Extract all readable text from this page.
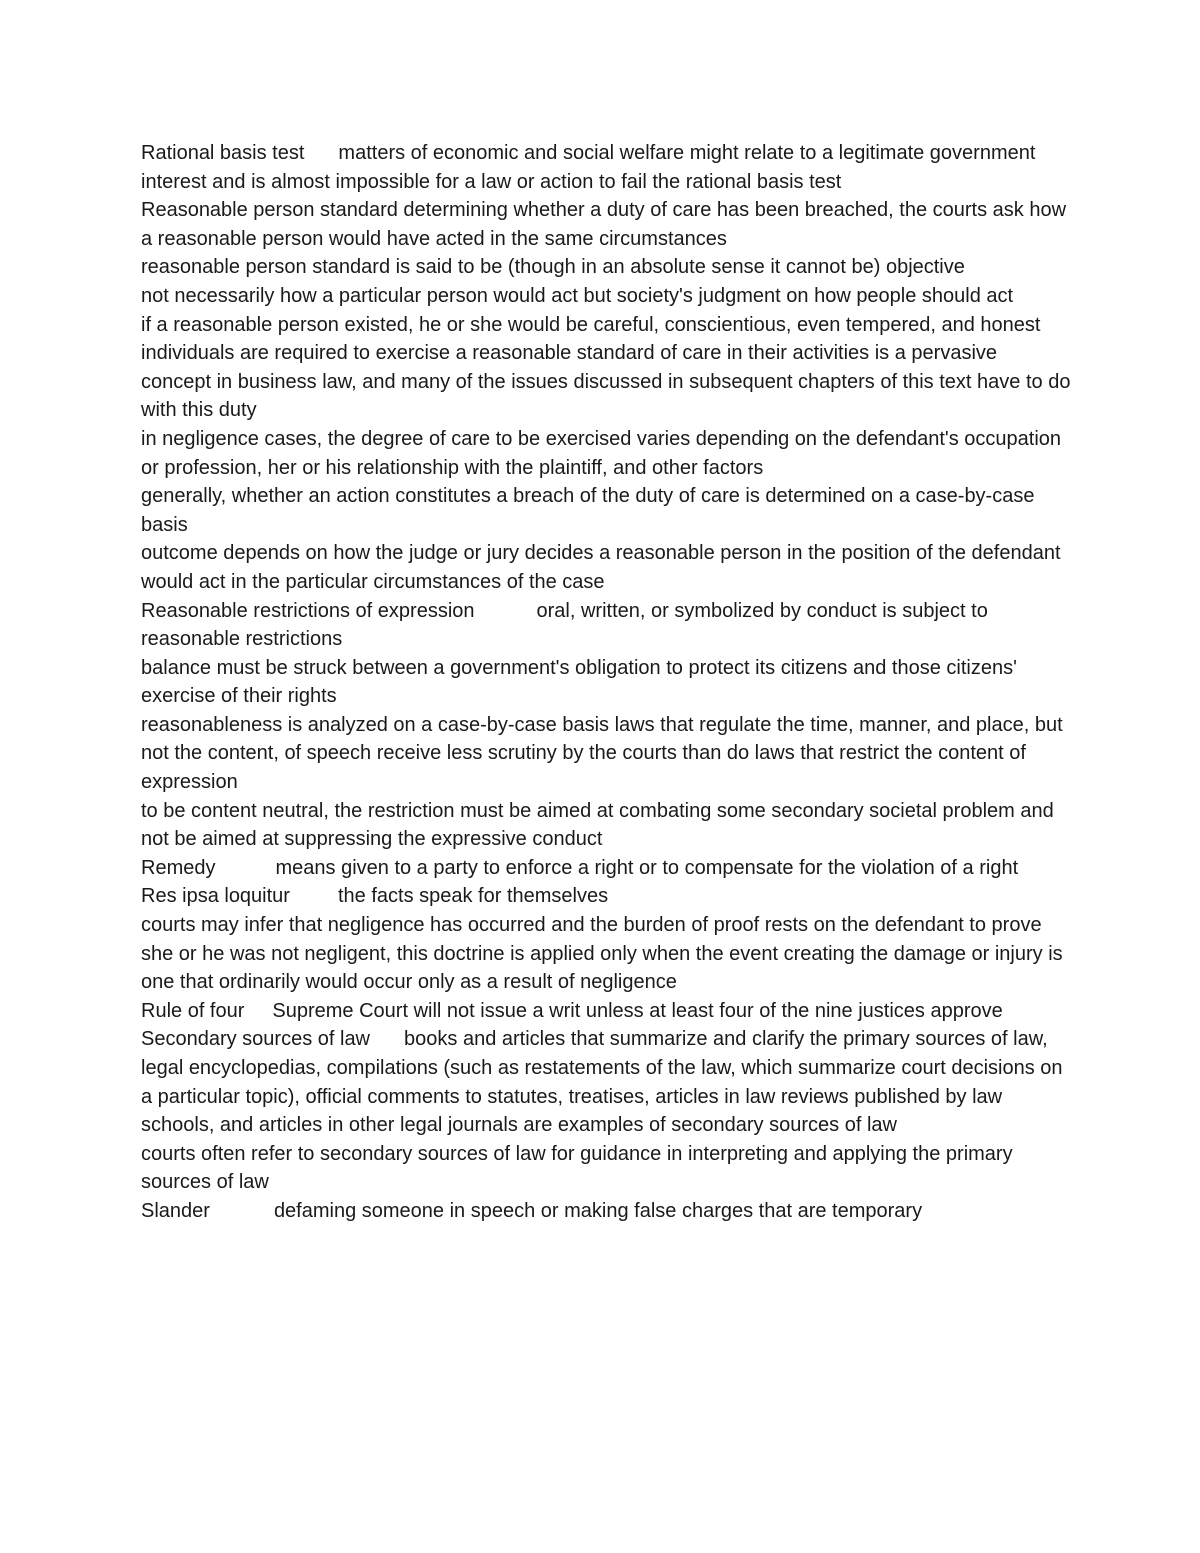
Rational basis test matters of economic and social welfare might relate to a legitimate government interest and is almost impossible for a law or action to fail the rational basis test

Reasonable person standard determining whether a duty of care has been breached, the courts ask how a reasonable person would have acted in the same circumstances

reasonable person standard is said to be (though in an absolute sense it cannot be) objective

not necessarily how a particular person would act but society's judgment on how people should act

if a reasonable person existed, he or she would be careful, conscientious, even tempered, and honest

individuals are required to exercise a reasonable standard of care in their activities is a pervasive concept in business law, and many of the issues discussed in subsequent chapters of this text have to do with this duty

in negligence cases, the degree of care to be exercised varies depending on the defendant's occupation or profession, her or his relationship with the plaintiff, and other factors

generally, whether an action constitutes a breach of the duty of care is determined on a case-by-case basis

outcome depends on how the judge or jury decides a reasonable person in the position of the defendant would act in the particular circumstances of the case

Reasonable restrictions of expression	oral, written, or symbolized by conduct is subject to reasonable restrictions

balance must be struck between a government's obligation to protect its citizens and those citizens' exercise of their rights

reasonableness is analyzed on a case-by-case basis laws that regulate the time, manner, and place, but not the content, of speech receive less scrutiny by the courts than do laws that restrict the content of expression

to be content neutral, the restriction must be aimed at combating some secondary societal problem and not be aimed at suppressing the expressive conduct

Remedy	means given to a party to enforce a right or to compensate for the violation of a right

Res ipsa loquitur the facts speak for themselves

courts may infer that negligence has occurred and the burden of proof rests on the defendant to prove she or he was not negligent, this doctrine is applied only when the event creating the damage or injury is one that ordinarily would occur only as a result of negligence

Rule of four Supreme Court will not issue a writ unless at least four of the nine justices approve

Secondary sources of law books and articles that summarize and clarify the primary sources of law, legal encyclopedias, compilations (such as restatements of the law, which summarize court decisions on a particular topic), official comments to statutes, treatises, articles in law reviews published by law schools, and articles in other legal journals are examples of secondary sources of law

courts often refer to secondary sources of law for guidance in interpreting and applying the primary sources of law

Slander	defaming someone in speech or making false charges that are temporary
